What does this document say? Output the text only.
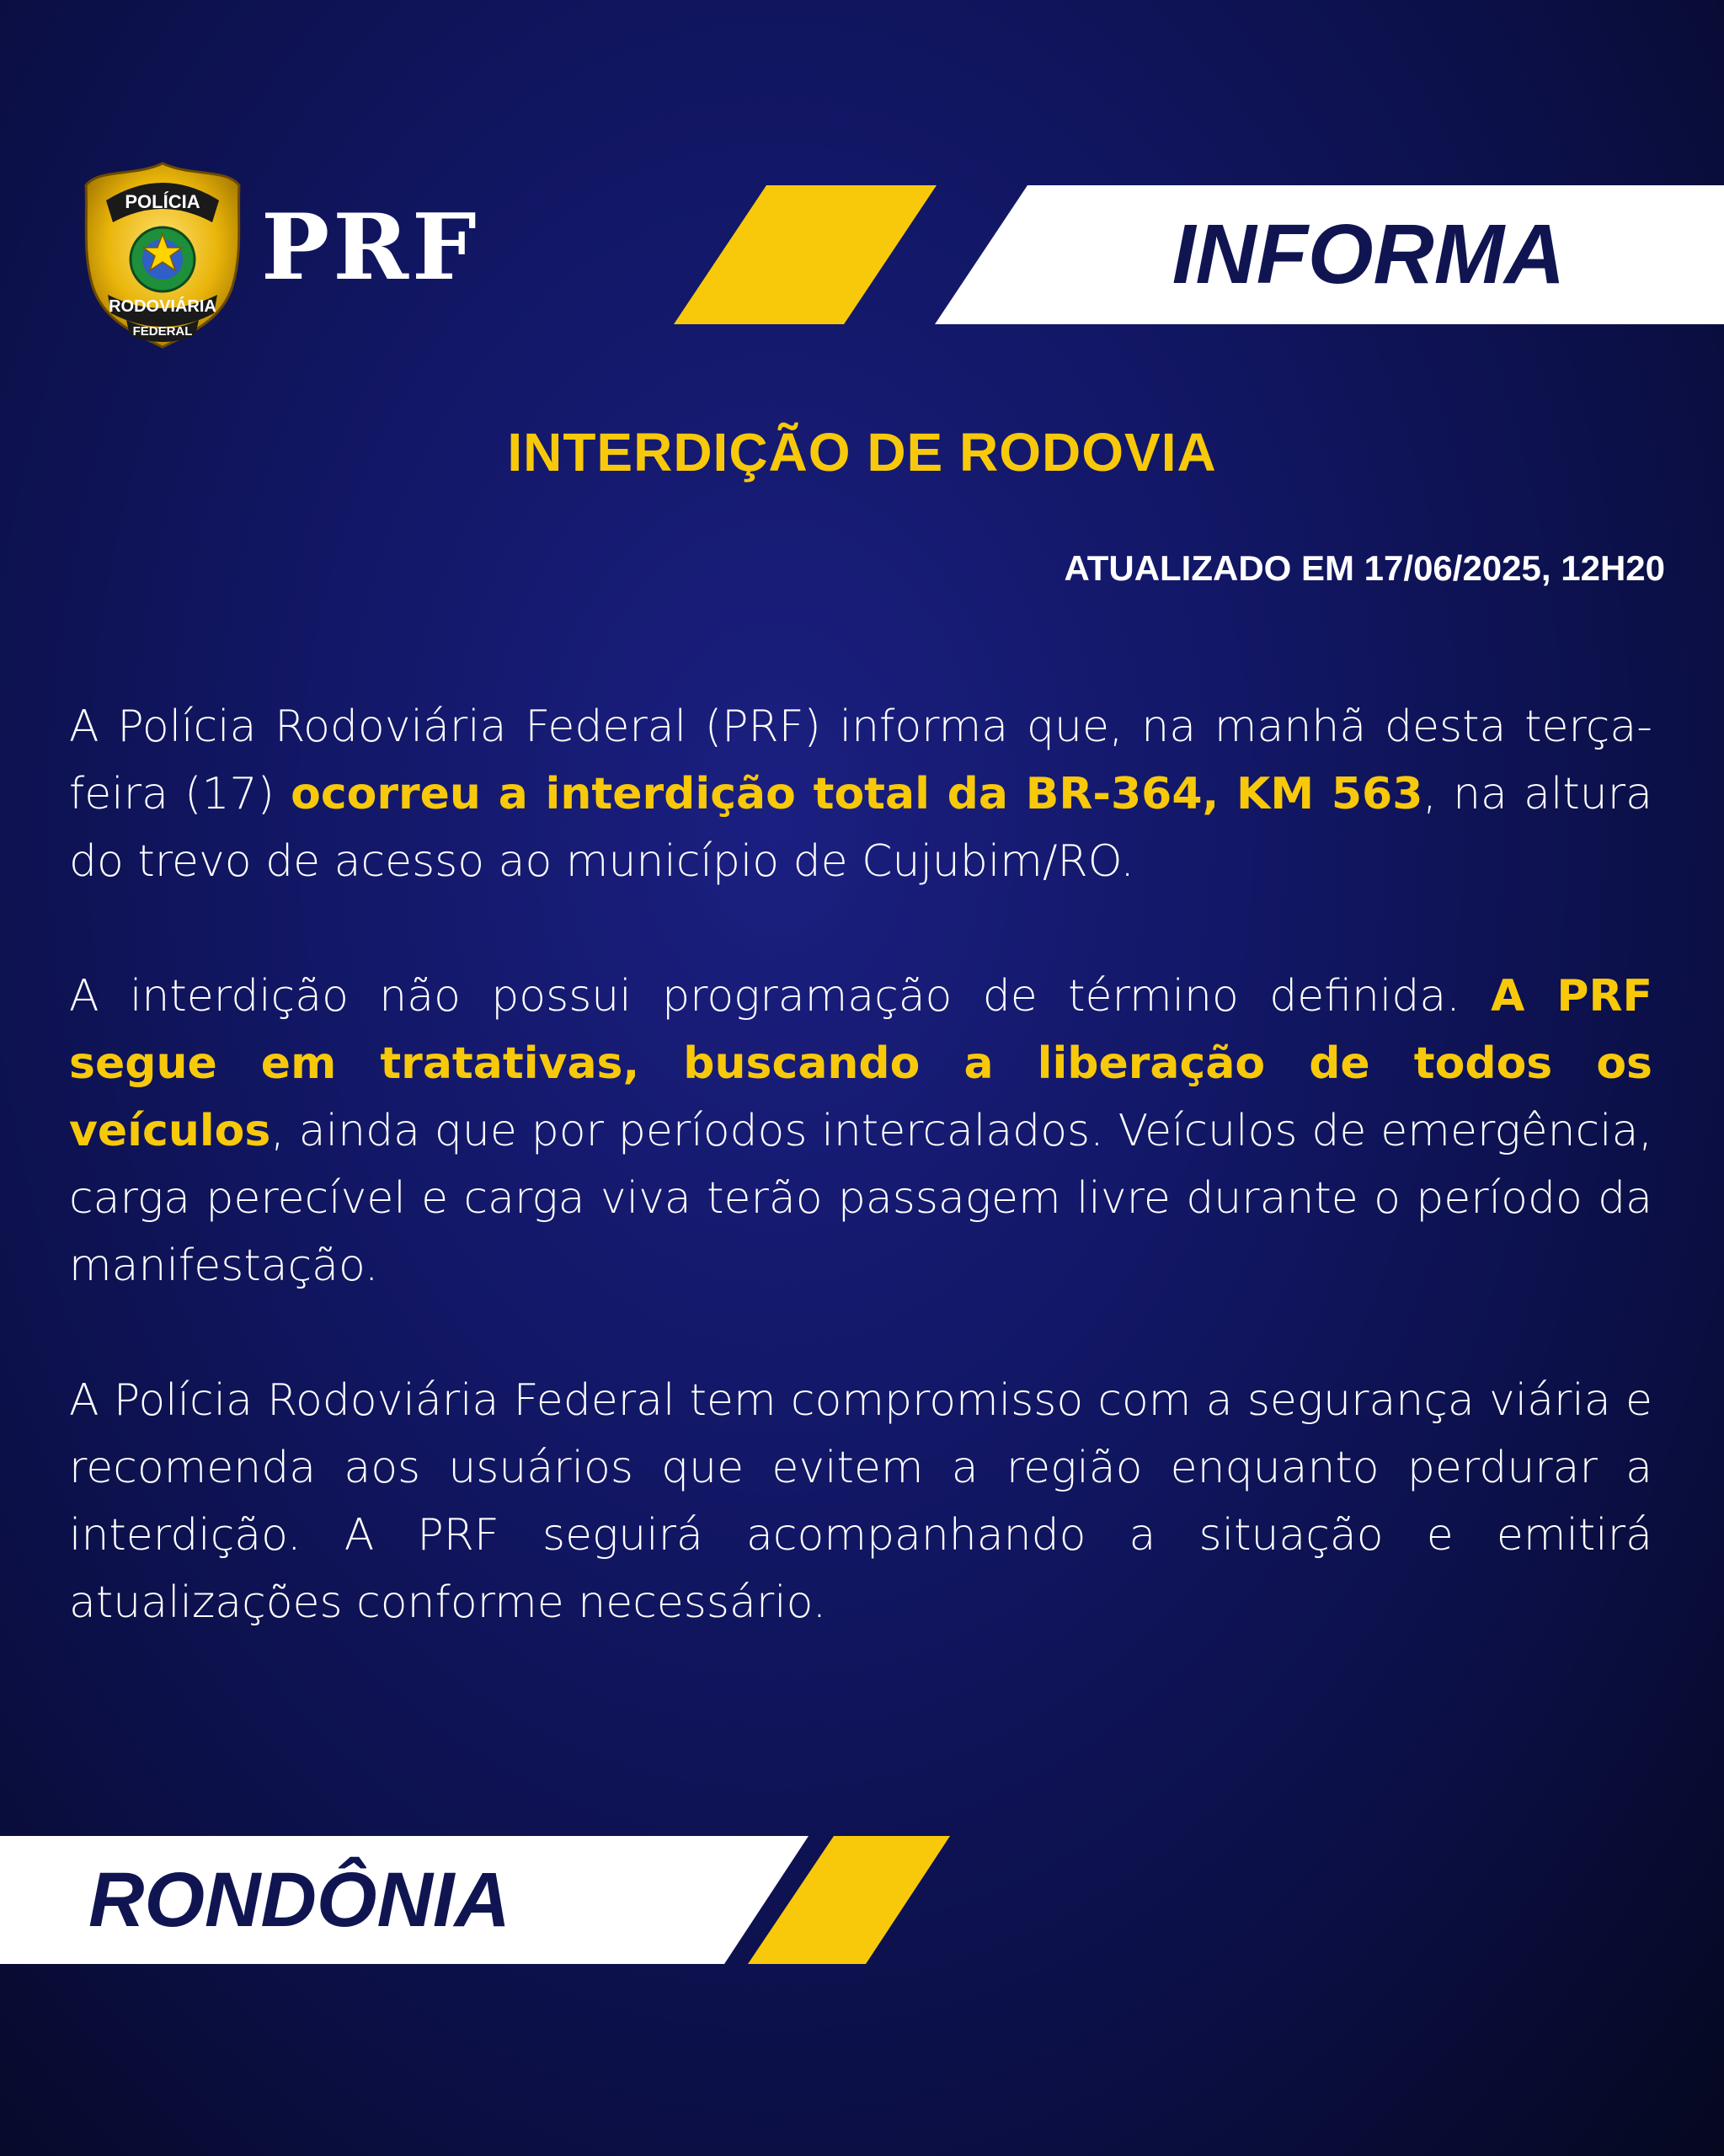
POLÍCIA
RODOVIÁRIA
FEDERAL
PRF	INFORMA
INTERDIÇÃO DE RODOVIA
ATUALIZADO EM 17/06/2025, 12H20

A Polícia Rodoviária Federal (PRF) informa que, na manhã desta terça-feira (17) ocorreu a interdição total da BR-364, KM 563, na altura do trevo de acesso ao município de Cujubim/RO.

A interdição não possui programação de término definida. A PRF segue em tratativas, buscando a liberação de todos os veículos, ainda que por períodos intercalados. Veículos de emergência, carga perecível e carga viva terão passagem livre durante o período da manifestação.

A Polícia Rodoviária Federal tem compromisso com a segurança viária e recomenda aos usuários que evitem a região enquanto perdurar a interdição. A PRF seguirá acompanhando a situação e emitirá atualizações conforme necessário.

RONDÔNIA
